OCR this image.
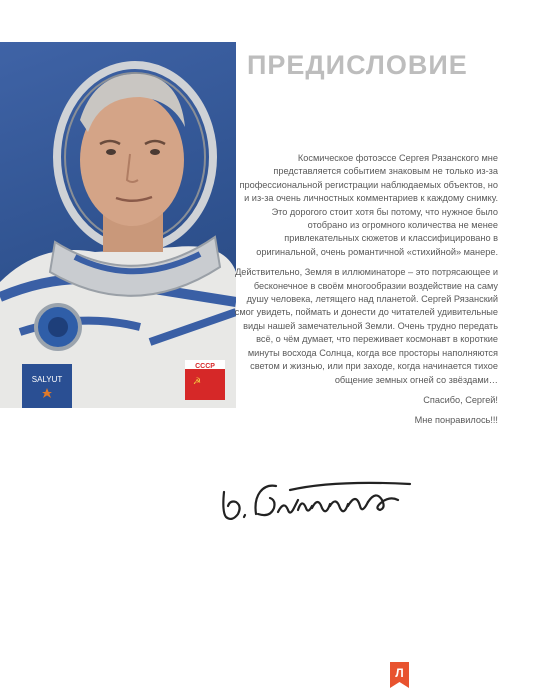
SALYUT
СССР
☭
ПРЕДИСЛОВИЕ

Космическое фотоэссе Сергея Рязанского мне представляется событием знаковым не только из-за профессиональной регистрации наблюдаемых объектов, но и из-за очень личностных комментариев к каждому снимку. Это дорогого стоит хотя бы потому, что нужное было отобрано из огромного количества не менее привлекательных сюжетов и классифицировано в оригинальной, очень романтичной «стихийной» манере.

Действительно, Земля в иллюминаторе – это потрясающее и бесконечное в своём многообразии воздействие на саму душу человека, летящего над планетой. Сергей Рязанский смог увидеть, поймать и донести до читателей удивительные виды нашей замечательной Земли. Очень трудно передать всё, о чём думает, что переживает космонавт в короткие минуты восхода Солнца, когда все просторы наполняются светом и жизнью, или при заходе, когда начинается тихое общение земных огней со звёздами…

Спасибо, Сергей!

Мне понравилось!!!

Л
